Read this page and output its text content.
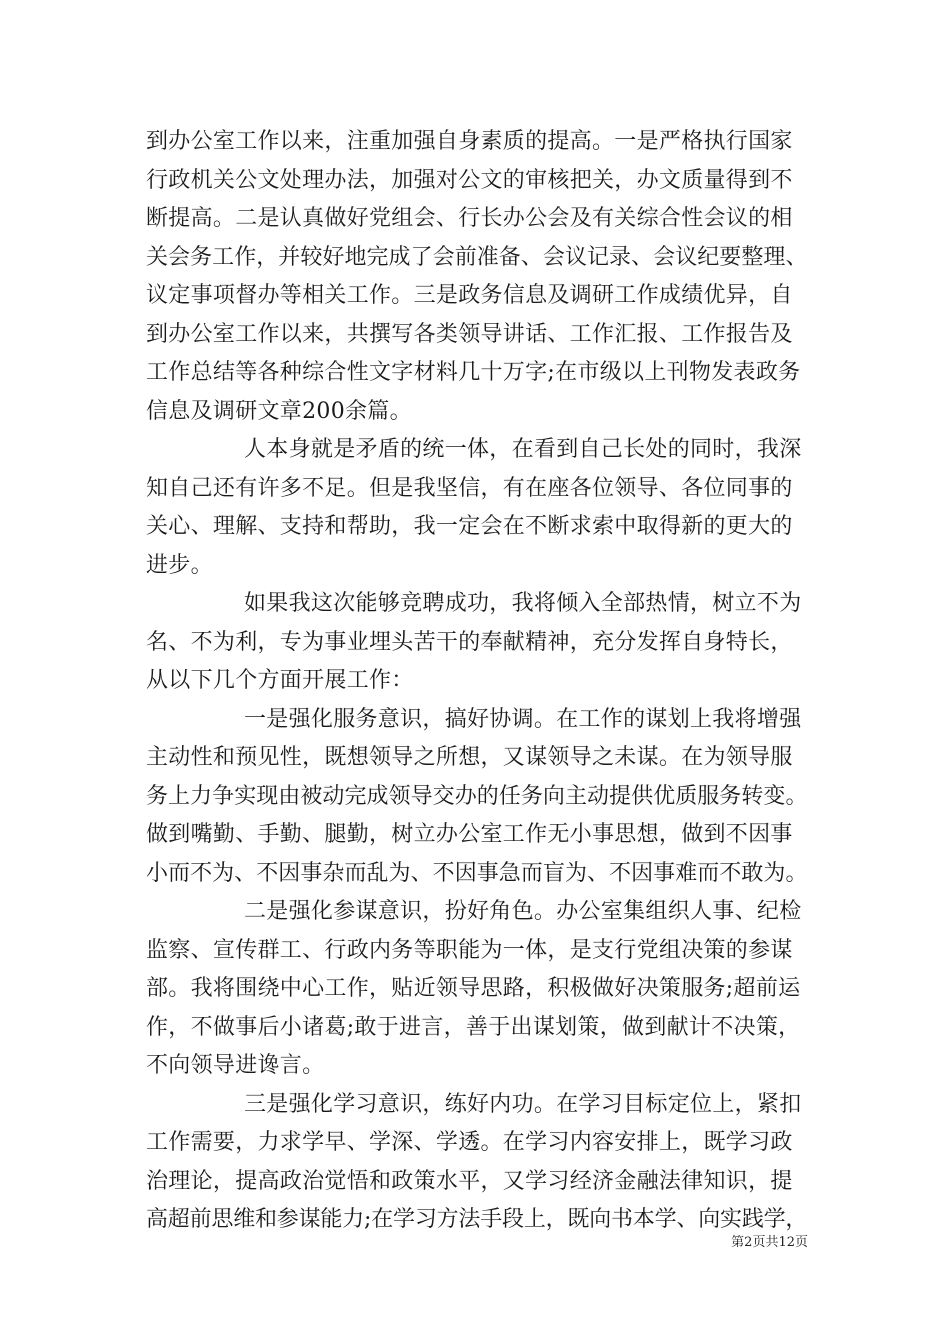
到办公室工作以来，注重加强自身素质的提高。一是严格执行国家
行政机关公文处理办法，加强对公文的审核把关，办文质量得到不
断提高。二是认真做好党组会、行长办公会及有关综合性会议的相
关会务工作，并较好地完成了会前准备、会议记录、会议纪要整理、
议定事项督办等相关工作。三是政务信息及调研工作成绩优异，自
到办公室工作以来，共撰写各类领导讲话、工作汇报、工作报告及
工作总结等各种综合性文字材料几十万字;在市级以上刊物发表政务
信息及调研文章200余篇。
人本身就是矛盾的统一体，在看到自己长处的同时，我深
知自己还有许多不足。但是我坚信，有在座各位领导、各位同事的
关心、理解、支持和帮助，我一定会在不断求索中取得新的更大的
进步。
如果我这次能够竞聘成功，我将倾入全部热情，树立不为
名、不为利，专为事业埋头苦干的奉献精神，充分发挥自身特长，
从以下几个方面开展工作：
一是强化服务意识，搞好协调。在工作的谋划上我将增强
主动性和预见性，既想领导之所想，又谋领导之未谋。在为领导服
务上力争实现由被动完成领导交办的任务向主动提供优质服务转变。
做到嘴勤、手勤、腿勤，树立办公室工作无小事思想，做到不因事
小而不为、不因事杂而乱为、不因事急而盲为、不因事难而不敢为。
二是强化参谋意识，扮好角色。办公室集组织人事、纪检
监察、宣传群工、行政内务等职能为一体，是支行党组决策的参谋
部。我将围绕中心工作，贴近领导思路，积极做好决策服务;超前运
作，不做事后小诸葛;敢于进言，善于出谋划策，做到献计不决策，
不向领导进谗言。
三是强化学习意识，练好内功。在学习目标定位上，紧扣
工作需要，力求学早、学深、学透。在学习内容安排上，既学习政
治理论，提高政治觉悟和政策水平，又学习经济金融法律知识，提
高超前思维和参谋能力;在学习方法手段上，既向书本学、向实践学，
第2页共12页
